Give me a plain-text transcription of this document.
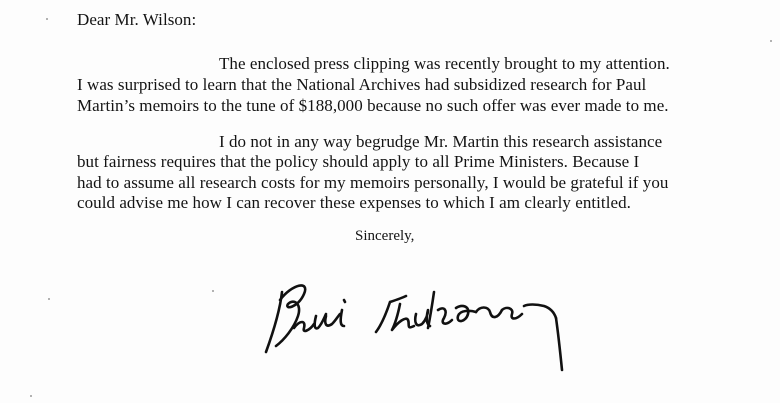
Dear Mr. Wilson:
The enclosed press clipping was recently brought to my attention.
I was surprised to learn that the National Archives had subsidized research for Paul
Martin’s memoirs to the tune of $188,000 because no such offer was ever made to me.
I do not in any way begrudge Mr. Martin this research assistance
but fairness requires that the policy should apply to all Prime Ministers. Because I
had to assume all research costs for my memoirs personally, I would be grateful if you
could advise me how I can recover these expenses to which I am clearly entitled.
Sincerely,
